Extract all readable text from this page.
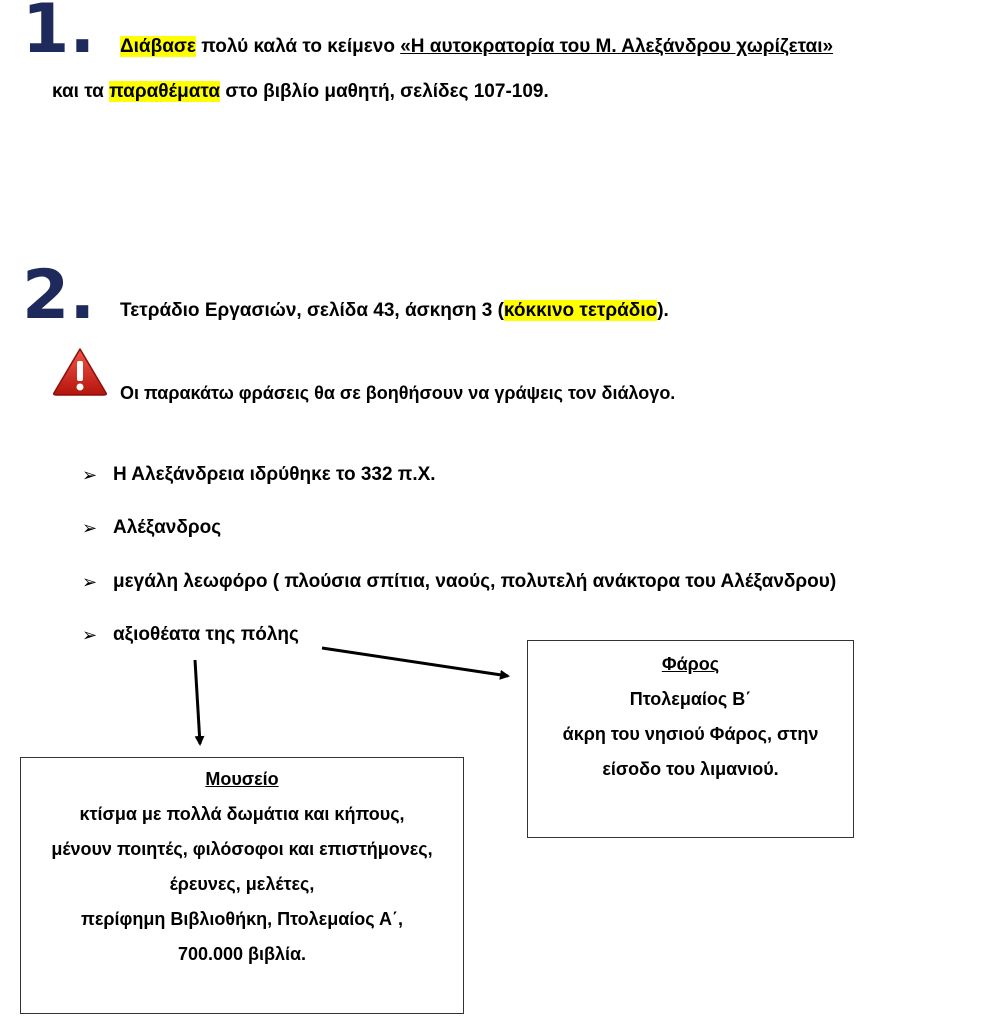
1. Διάβασε πολύ καλά το κείμενο «Η αυτοκρατορία του Μ. Αλεξάνδρου χωρίζεται»
και τα παραθέματα στο βιβλίο μαθητή, σελίδες 107-109.
2. Τετράδιο Εργασιών, σελίδα 43, άσκηση 3 (κόκκινο τετράδιο).
Οι παρακάτω φράσεις θα σε βοηθήσουν να γράψεις τον διάλογο.
➢ Η Αλεξάνδρεια ιδρύθηκε το 332 π.Χ.
➢ Αλέξανδρος
➢ μεγάλη λεωφόρο ( πλούσια σπίτια, ναούς, πολυτελή ανάκτορα του Αλέξανδρου)
➢ αξιοθέατα της πόλης
Φάρος
Πτολεμαίος Β΄
άκρη του νησιού Φάρος, στην
είσοδο του λιμανιού.
Μουσείο
κτίσμα με πολλά δωμάτια και κήπους,
μένουν ποιητές, φιλόσοφοι και επιστήμονες,
έρευνες, μελέτες,
περίφημη Βιβλιοθήκη, Πτολεμαίος Α΄,
700.000 βιβλία.
